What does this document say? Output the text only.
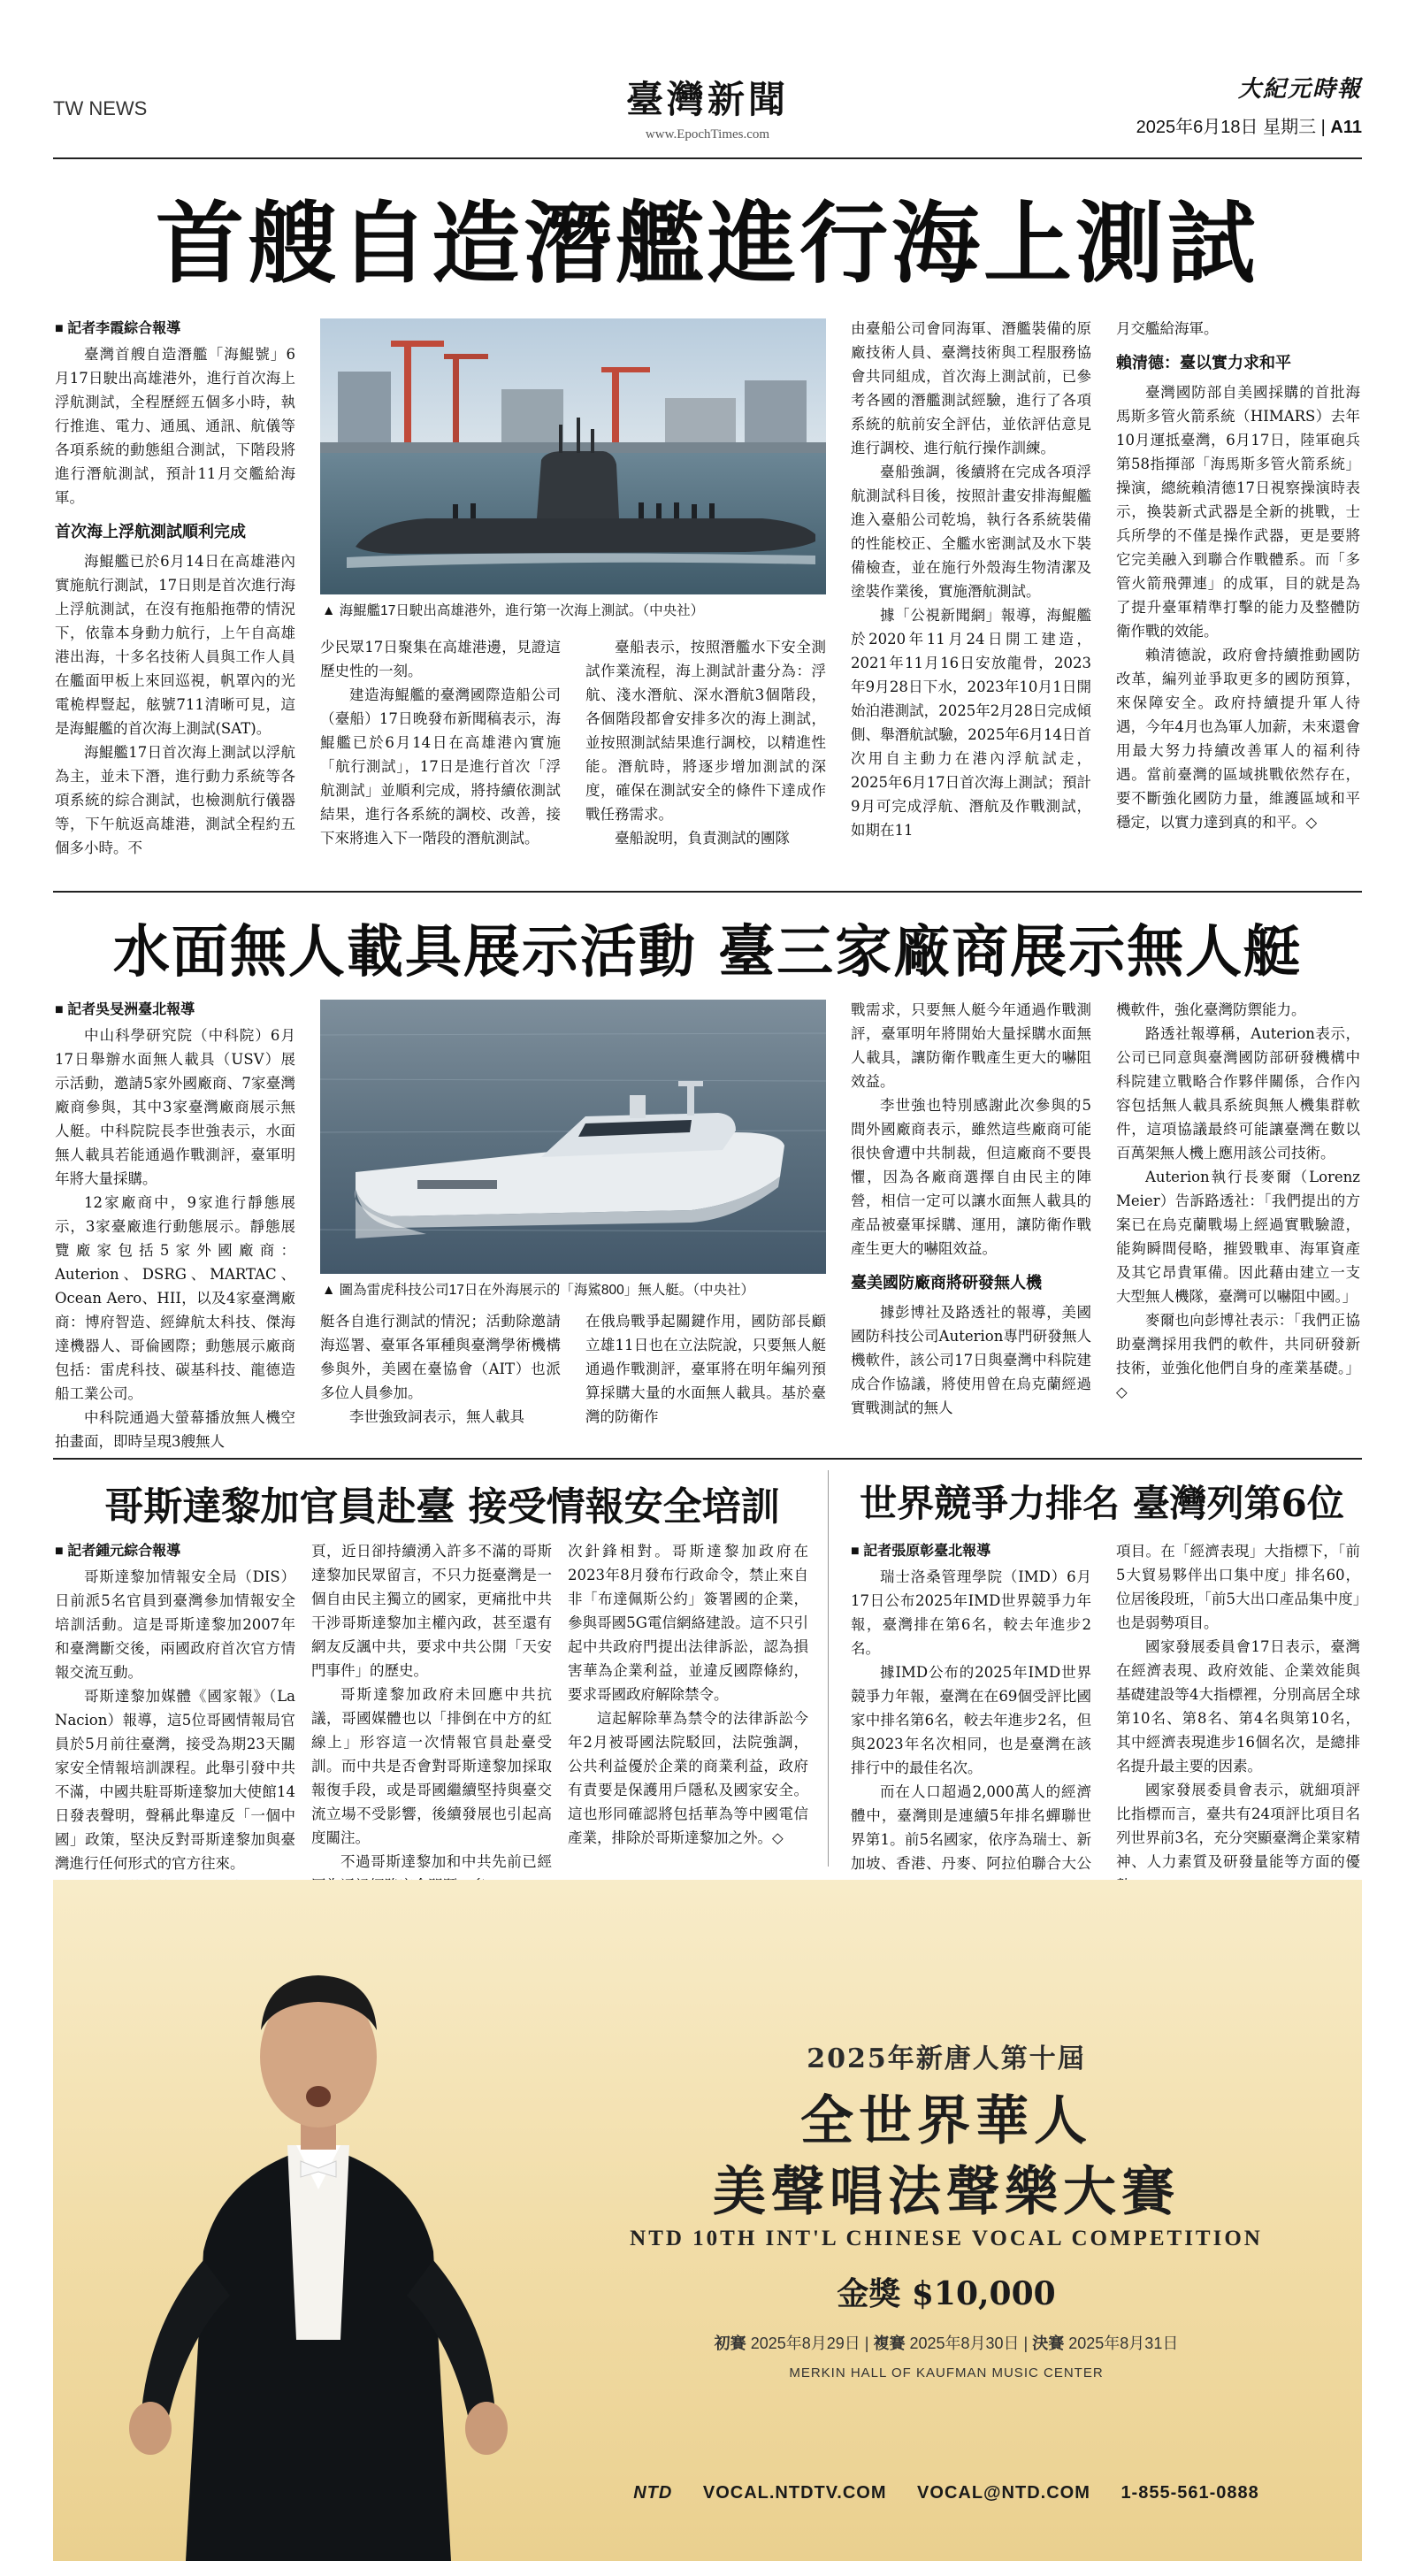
TW NEWS	臺灣新聞
www.EpochTimes.com
大紀元時報
2025年6月18日 星期三 | A11
首艘自造潛艦進行海上測試

■ 記者李霞綜合報導

臺灣首艘自造潛艦「海鯤號」6月17日駛出高雄港外，進行首次海上浮航測試，全程歷經五個多小時，執行推進、電力、通風、通訊、航儀等各項系統的動態組合測試，下階段將進行潛航測試，預計11月交艦給海軍。

首次海上浮航測試順利完成

海鯤艦已於6月14日在高雄港內實施航行測試，17日則是首次進行海上浮航測試，在沒有拖船拖帶的情況下，依靠本身動力航行，上午自高雄港出海，十多名技術人員與工作人員在艦面甲板上來回巡視，帆罩內的光電桅桿豎起，舷號711清晰可見，這是海鯤艦的首次海上測試(SAT)。

海鯤艦17日首次海上測試以浮航為主，並未下潛，進行動力系統等各項系統的綜合測試，也檢測航行儀器等，下午航返高雄港，測試全程約五個多小時。不

▲ 海鯤艦17日駛出高雄港外，進行第一次海上測試。（中央社）

少民眾17日聚集在高雄港邊，見證這歷史性的一刻。

建造海鯤艦的臺灣國際造船公司（臺船）17日晚發布新聞稿表示，海鯤艦已於6月14日在高雄港內實施「航行測試」，17日是進行首次「浮航測試」並順利完成，將持續依測試結果，進行各系統的調校、改善，接下來將進入下一階段的潛航測試。

臺船表示，按照潛艦水下安全測試作業流程，海上測試計畫分為：浮航、淺水潛航、深水潛航3個階段，各個階段都會安排多次的海上測試，並按照測試結果進行調校，以精進性能。潛航時，將逐步增加測試的深度，確保在測試安全的條件下達成作戰任務需求。

臺船說明，負責測試的團隊

由臺船公司會同海軍、潛艦裝備的原廠技術人員、臺灣技術與工程服務協會共同組成，首次海上測試前，已參考各國的潛艦測試經驗，進行了各項系統的航前安全評估，並依評估意見進行調校、進行航行操作訓練。

臺船強調，後續將在完成各項浮航測試科目後，按照計畫安排海鯤艦進入臺船公司乾塢，執行各系統裝備的性能校正、全艦水密測試及水下裝備檢查，並在施行外殼海生物清潔及塗裝作業後，實施潛航測試。

據「公視新聞網」報導，海鯤艦於2020年11月24日開工建造，2021年11月16日安放龍骨，2023年9月28日下水，2023年10月1日開始泊港測試，2025年2月28日完成傾側、舉潛航試驗，2025年6月14日首次用自主動力在港內浮航試走，2025年6月17日首次海上測試；預計9月可完成浮航、潛航及作戰測試，如期在11

月交艦給海軍。

賴清德：臺以實力求和平

臺灣國防部自美國採購的首批海馬斯多管火箭系統（HIMARS）去年10月運抵臺灣，6月17日，陸軍砲兵第58指揮部「海馬斯多管火箭系統」操演，總統賴清德17日視察操演時表示，換裝新式武器是全新的挑戰，士兵所學的不僅是操作武器，更是要將它完美融入到聯合作戰體系。而「多管火箭飛彈連」的成軍，目的就是為了提升臺軍精準打擊的能力及整體防衛作戰的效能。

賴清德說，政府會持續推動國防改革，編列並爭取更多的國防預算，來保障安全。政府持續提升軍人待遇，今年4月也為軍人加薪，未來還會用最大努力持續改善軍人的福利待遇。當前臺灣的區域挑戰依然存在，要不斷強化國防力量，維護區域和平穩定，以實力達到真的和平。◇

水面無人載具展示活動 臺三家廠商展示無人艇

■ 記者吳旻洲臺北報導

中山科學研究院（中科院）6月17日舉辦水面無人載具（USV）展示活動，邀請5家外國廠商、7家臺灣廠商參與，其中3家臺灣廠商展示無人艇。中科院院長李世強表示，水面無人載具若能通過作戰測評，臺軍明年將大量採購。

12家廠商中，9家進行靜態展示，3家臺廠進行動態展示。靜態展覽廠家包括5家外國廠商：Auterion、DSRG、MARTAC、Ocean Aero、HII，以及4家臺灣廠商：博府智造、經緯航太科技、傑海達機器人、哥倫國際；動態展示廠商包括：雷虎科技、碳基科技、龍德造船工業公司。

中科院通過大螢幕播放無人機空拍畫面，即時呈現3艘無人

▲ 圖為雷虎科技公司17日在外海展示的「海鯊800」無人艇。（中央社）

艇各自進行測試的情況；活動除邀請海巡署、臺軍各軍種與臺灣學術機構參與外，美國在臺協會（AIT）也派多位人員參加。

李世強致詞表示，無人載具

在俄烏戰爭起關鍵作用，國防部長顧立雄11日也在立法院說，只要無人艇通過作戰測評，臺軍將在明年編列預算採購大量的水面無人載具。基於臺灣的防衛作

戰需求，只要無人艇今年通過作戰測評，臺軍明年將開始大量採購水面無人載具，讓防衛作戰產生更大的嚇阻效益。

李世強也特別感謝此次參與的5間外國廠商表示，雖然這些廠商可能很快會遭中共制裁，但這廠商不要畏懼，因為各廠商選擇自由民主的陣營，相信一定可以讓水面無人載具的產品被臺軍採購、運用，讓防衛作戰產生更大的嚇阻效益。

臺美國防廠商將研發無人機

據彭博社及路透社的報導，美國國防科技公司Auterion專門研發無人機軟件，該公司17日與臺灣中科院建成合作協議，將使用曾在烏克蘭經過實戰測試的無人

機軟件，強化臺灣防禦能力。

路透社報導稱，Auterion表示，公司已同意與臺灣國防部研發機構中科院建立戰略合作夥伴關係，合作內容包括無人載具系統與無人機集群軟件，這項協議最終可能讓臺灣在數以百萬架無人機上應用該公司技術。

Auterion執行長麥爾（Lorenz Meier）告訴路透社：「我們提出的方案已在烏克蘭戰場上經過實戰驗證，能夠瞬間侵略，摧毀戰車、海軍資產及其它昂貴軍備。因此藉由建立一支大型無人機隊，臺灣可以嚇阻中國。」

麥爾也向彭博社表示：「我們正協助臺灣採用我們的軟件，共同研發新技術，並強化他們自身的產業基礎。」◇

哥斯達黎加官員赴臺 接受情報安全培訓

■ 記者鍾元綜合報導

哥斯達黎加情報安全局（DIS）日前派5名官員到臺灣參加情報安全培訓活動。這是哥斯達黎加2007年和臺灣斷交後，兩國政府首次官方情報交流互動。

哥斯達黎加媒體《國家報》（La Nacion）報導，這5位哥國情報局官員於5月前往臺灣，接受為期23天關家安全情報培訓課程。此舉引發中共不滿，中國共駐哥斯達黎加大使館14日發表聲明，聲稱此舉違反「一個中國」政策，堅決反對哥斯達黎加與臺灣進行任何形式的官方往來。

頁，近日卻持續湧入許多不滿的哥斯達黎加民眾留言，不只力挺臺灣是一個自由民主獨立的國家，更痛批中共干涉哥斯達黎加主權內政，甚至還有網友反諷中共，要求中共公開「天安門事件」的歷史。

哥斯達黎加政府未回應中共抗議，哥國媒體也以「排倒在中方的紅線上」形容這一次情報官員赴臺受訓。而中共是否會對哥斯達黎加採取報復手段，或是哥國繼續堅持與臺交流立場不受影響，後續發展也引起高度關注。

不過哥斯達黎加和中共先前已經

次針鋒相對。哥斯達黎加政府在2023年8月發布行政命令，禁止來自非「布達佩斯公約」簽署國的企業，參與哥國5G電信網絡建設。這不只引起中共政府門提出法律訴訟，認為損害華為企業利益，並違反國際條約，要求哥國政府解除禁令。

這起解除華為禁令的法律訴訟今年2月被哥國法院駁回，法院強調，公共利益優於企業的商業利益，政府有責要是保護用戶隱私及國家安全。這也形同確認將包括華為等中國電信產業，排除於哥斯達黎加之外。◇

世界競爭力排名 臺灣列第6位

■ 記者張原彰臺北報導

瑞士洛桑管理學院（IMD）6月17日公布2025年IMD世界競爭力年報，臺灣排在第6名，較去年進步2名。

據IMD公布的2025年IMD世界競爭力年報，臺灣在在69個受評比國家中排名第6名，較去年進步2名，但與2023年名次相同，也是臺灣在該排行中的最佳名次。

而在人口超過2,000萬人的經濟體中，臺灣則是連續5年排名蟬聯世界第1。前5名國家，依序為瑞士、新加坡、香港、丹麥、阿拉伯聯合大公

項目。在「經濟表現」大指標下，「前5大貿易夥伴出口集中度」排名60，位居後段班，「前5大出口產品集中度」也是弱勢項目。

國家發展委員會17日表示，臺灣在經濟表現、政府效能、企業效能與基礎建設等4大指標裡，分別高居全球第10名、第8名、第4名與第10名，其中經濟表現進步16個名次，是總排名提升最主要的因素。

國家發展委員會表示，就細項評比指標而言，臺共有24項評比項目名列世界前3名，充分突顯臺灣企業家精神、人力素質及研發量能等方面的優

2025年新唐人第十屆
全世界華人
美聲唱法聲樂大賽
NTD 10TH INT'L CHINESE VOCAL COMPETITION
金獎 $10,000
初賽 2025年8月29日 | 複賽 2025年8月30日 | 決賽 2025年8月31日
MERKIN HALL OF KAUFMAN MUSIC CENTER
NTD VOCAL.NTDTV.COM VOCAL@NTD.COM 1-855-561-0888
